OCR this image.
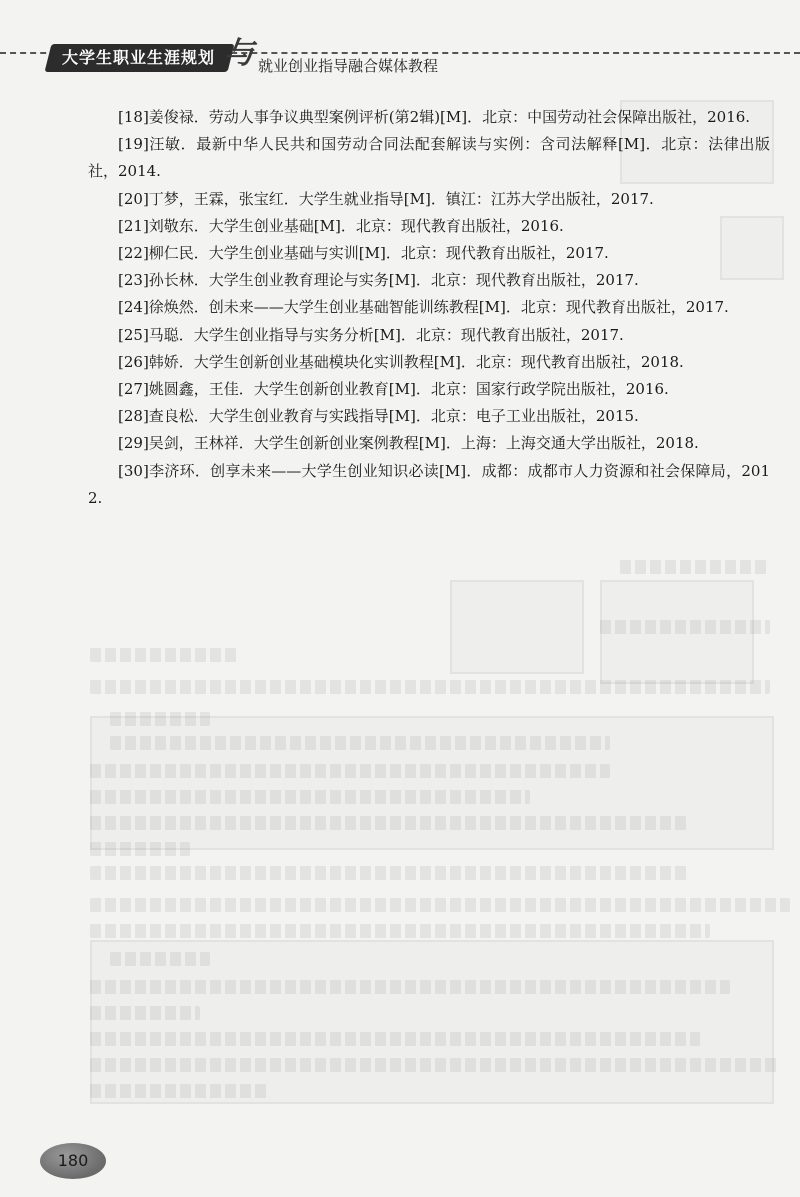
大学生职业生涯规划 与 就业创业指导融合媒体教程
[18]姜俊禄．劳动人事争议典型案例评析(第2辑)[M]．北京：中国劳动社会保障出版社，2016.
[19]汪敏．最新中华人民共和国劳动合同法配套解读与实例：含司法解释[M]．北京：法律出版社，2014.
[20]丁梦，王霖，张宝红．大学生就业指导[M]．镇江：江苏大学出版社，2017.
[21]刘敬东．大学生创业基础[M]．北京：现代教育出版社，2016.
[22]柳仁民．大学生创业基础与实训[M]．北京：现代教育出版社，2017.
[23]孙长林．大学生创业教育理论与实务[M]．北京：现代教育出版社，2017.
[24]徐焕然．创未来——大学生创业基础智能训练教程[M]．北京：现代教育出版社，2017.
[25]马聪．大学生创业指导与实务分析[M]．北京：现代教育出版社，2017.
[26]韩娇．大学生创新创业基础模块化实训教程[M]．北京：现代教育出版社，2018.
[27]姚圆鑫，王佳．大学生创新创业教育[M]．北京：国家行政学院出版社，2016.
[28]查良松．大学生创业教育与实践指导[M]．北京：电子工业出版社，2015.
[29]吴剑，王林祥．大学生创新创业案例教程[M]．上海：上海交通大学出版社，2018.
[30]李济环．创享未来——大学生创业知识必读[M]．成都：成都市人力资源和社会保障局，2012.
180
